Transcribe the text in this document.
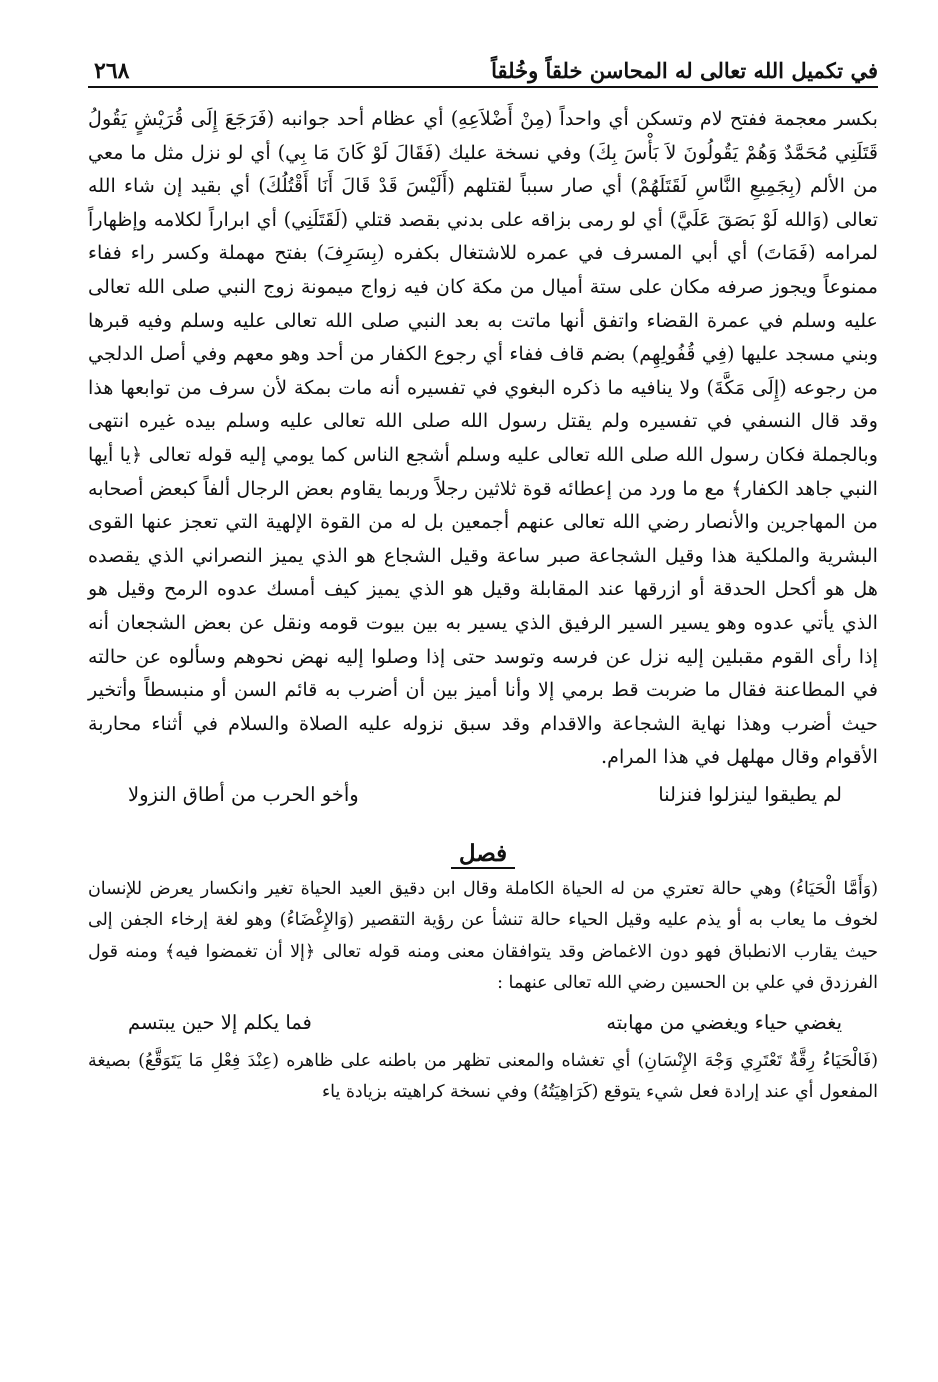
في تكميل الله تعالى له المحاسن خلقاً وخُلقاً
٢٦٨

بكسر معجمة ففتح لام وتسكن أي واحداً (مِنْ أَضْلاَعِهِ) أي عظام أحد جوانبه (فَرَجَعَ إِلَى قُرَيْشٍ يَقُولُ قَتَلَنِي مُحَمَّدٌ وَهُمْ يَقُولُونَ لاَ بَأْسَ بِكَ) وفي نسخة عليك (فَقَالَ لَوْ كَانَ مَا بِي) أي لو نزل مثل ما معي من الألم (بِجَمِيعِ النَّاسِ لَقَتَلَهُمْ) أي صار سبباً لقتلهم (أَلَيْسَ قَدْ قَالَ أَنَا أَقْتُلُكَ) أي بقيد إن شاء الله تعالى (وَالله لَوْ بَصَقَ عَلَيَّ) أي لو رمى بزاقه على بدني بقصد قتلي (لَقَتَلَنِي) أي ابراراً لكلامه وإظهاراً لمرامه (فَمَاتَ) أي أبي المسرف في عمره للاشتغال بكفره (بِسَرِفَ) بفتح مهملة وكسر راء ففاء ممنوعاً ويجوز صرفه مكان على ستة أميال من مكة كان فيه زواج ميمونة زوج النبي صلى الله تعالى عليه وسلم في عمرة القضاء واتفق أنها ماتت به بعد النبي صلى الله تعالى عليه وسلم وفيه قبرها وبني مسجد عليها (فِي قُفُولِهِم) بضم قاف ففاء أي رجوع الكفار من أحد وهو معهم وفي أصل الدلجي من رجوعه (إِلَى مَكَّةَ) ولا ينافيه ما ذكره البغوي في تفسيره أنه مات بمكة لأن سرف من توابعها هذا وقد قال النسفي في تفسيره ولم يقتل رسول الله صلى الله تعالى عليه وسلم بيده غيره انتهى وبالجملة فكان رسول الله صلى الله تعالى عليه وسلم أشجع الناس كما يومي إليه قوله تعالى ﴿يا أيها النبي جاهد الكفار﴾ مع ما ورد من إعطائه قوة ثلاثين رجلاً وربما يقاوم بعض الرجال ألفاً كبعض أصحابه من المهاجرين والأنصار رضي الله تعالى عنهم أجمعين بل له من القوة الإلهية التي تعجز عنها القوى البشرية والملكية هذا وقيل الشجاعة صبر ساعة وقيل الشجاع هو الذي يميز النصراني الذي يقصده هل هو أكحل الحدقة أو ازرقها عند المقابلة وقيل هو الذي يميز كيف أمسك عدوه الرمح وقيل هو الذي يأتي عدوه وهو يسير السير الرفيق الذي يسير به بين بيوت قومه ونقل عن بعض الشجعان أنه إذا رأى القوم مقبلين إليه نزل عن فرسه وتوسد حتى إذا وصلوا إليه نهض نحوهم وسألوه عن حالته في المطاعنة فقال ما ضربت قط برمي إلا وأنا أميز بين أن أضرب به قائم السن أو منبسطاً وأتخير حيث أضرب وهذا نهاية الشجاعة والاقدام وقد سبق نزوله عليه الصلاة والسلام في أثناء محاربة الأقوام وقال مهلهل في هذا المرام.

لم يطيقوا لينزلوا فنزلنا
وأخو الحرب من أطاق النزولا
فصل

(وَأَمَّا الْحَيَاءُ) وهي حالة تعتري من له الحياة الكاملة وقال ابن دقيق العيد الحياة تغير وانكسار يعرض للإنسان لخوف ما يعاب به أو يذم عليه وقيل الحياء حالة تنشأ عن رؤية التقصير (وَالإِغْضَاءُ) وهو لغة إرخاء الجفن إلى حيث يقارب الانطباق فهو دون الاغماض وقد يتوافقان معنى ومنه قوله تعالى ﴿إلا أن تغمضوا فيه﴾ ومنه قول الفرزدق في علي بن الحسين رضي الله تعالى عنهما :

يغضي حياء ويغضي من مهابته
فما يكلم إلا حين يبتسم

(فَالْحَيَاءُ رِقَّةٌ تَعْتَرِي وَجْهَ الإِنْسَانِ) أي تغشاه والمعنى تظهر من باطنه على ظاهره (عِنْدَ فِعْلِ مَا يَتَوَقَّعُ) بصيغة المفعول أي عند إرادة فعل شيء يتوقع (كَرَاهِيَتُهُ) وفي نسخة كراهيته بزيادة ياء
